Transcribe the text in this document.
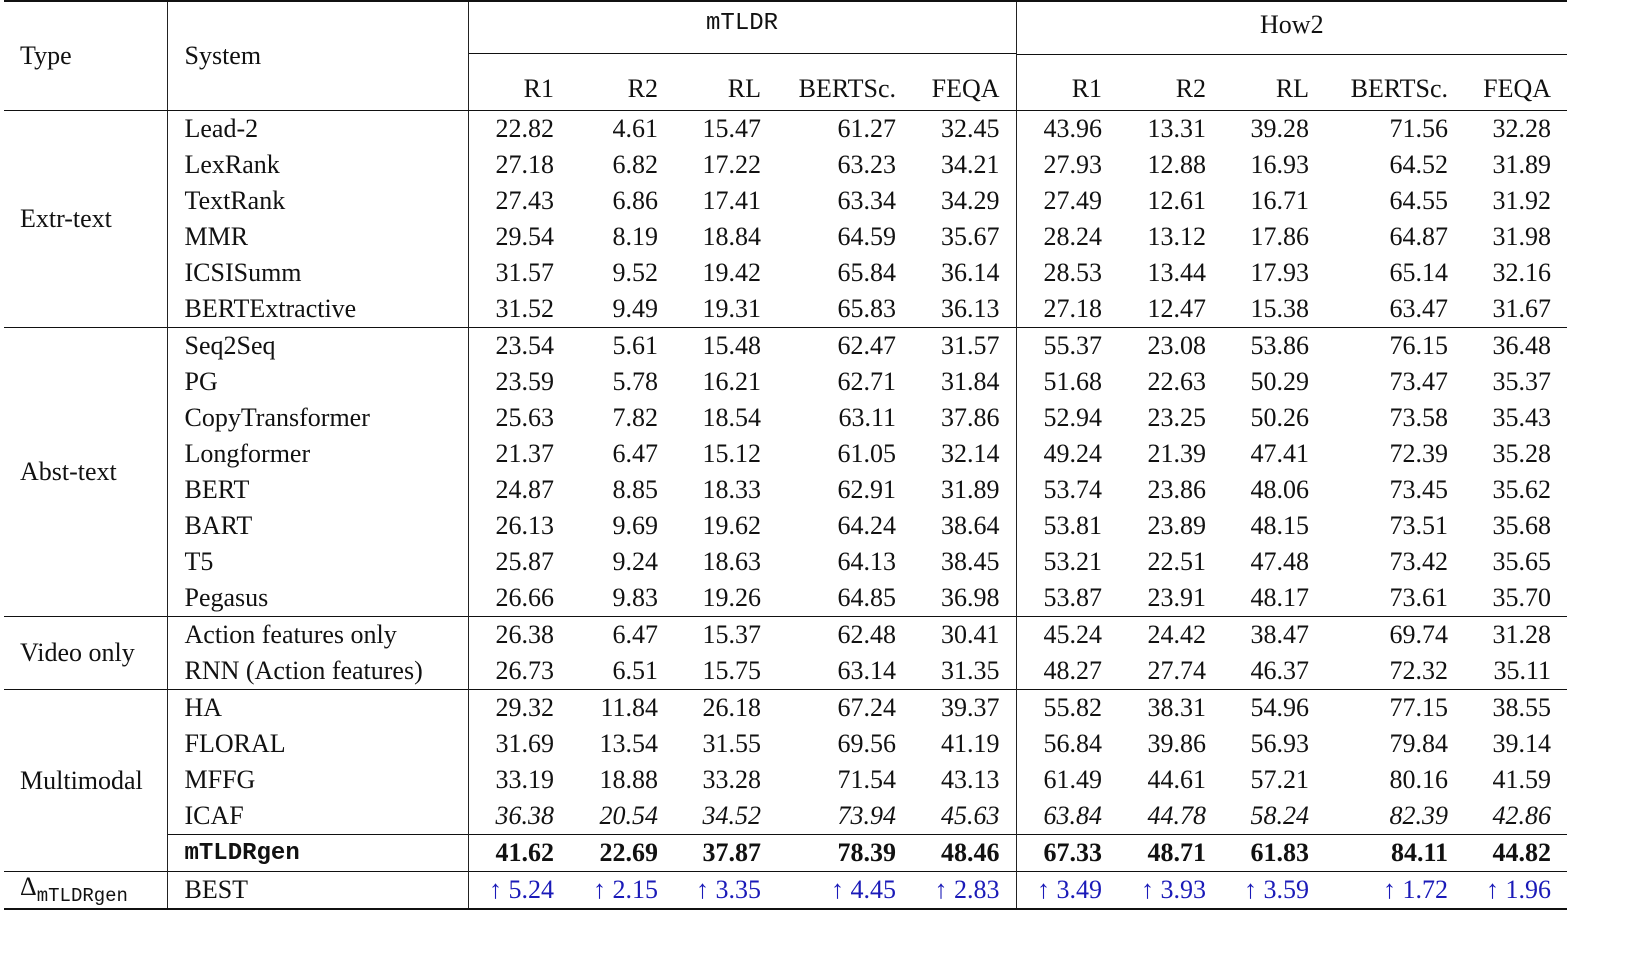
Type	System	mTLDR					How2				

		R1	R2	RL	BERTSc.	FEQA	R1	R2	RL	BERTSc.	FEQA
Extr-text	Lead-2	22.82	4.61	15.47	61.27	32.45	43.96	13.31	39.28	71.56	32.28
	LexRank	27.18	6.82	17.22	63.23	34.21	27.93	12.88	16.93	64.52	31.89
	TextRank	27.43	6.86	17.41	63.34	34.29	27.49	12.61	16.71	64.55	31.92
	MMR	29.54	8.19	18.84	64.59	35.67	28.24	13.12	17.86	64.87	31.98
	ICSISumm	31.57	9.52	19.42	65.84	36.14	28.53	13.44	17.93	65.14	32.16
	BERTExtractive	31.52	9.49	19.31	65.83	36.13	27.18	12.47	15.38	63.47	31.67
Abst-text	Seq2Seq	23.54	5.61	15.48	62.47	31.57	55.37	23.08	53.86	76.15	36.48
	PG	23.59	5.78	16.21	62.71	31.84	51.68	22.63	50.29	73.47	35.37
	CopyTransformer	25.63	7.82	18.54	63.11	37.86	52.94	23.25	50.26	73.58	35.43
	Longformer	21.37	6.47	15.12	61.05	32.14	49.24	21.39	47.41	72.39	35.28
	BERT	24.87	8.85	18.33	62.91	31.89	53.74	23.86	48.06	73.45	35.62
	BART	26.13	9.69	19.62	64.24	38.64	53.81	23.89	48.15	73.51	35.68
	T5	25.87	9.24	18.63	64.13	38.45	53.21	22.51	47.48	73.42	35.65
	Pegasus	26.66	9.83	19.26	64.85	36.98	53.87	23.91	48.17	73.61	35.70
Video only	Action features only	26.38	6.47	15.37	62.48	30.41	45.24	24.42	38.47	69.74	31.28
	RNN (Action features)	26.73	6.51	15.75	63.14	31.35	48.27	27.74	46.37	72.32	35.11
Multimodal	HA	29.32	11.84	26.18	67.24	39.37	55.82	38.31	54.96	77.15	38.55
	FLORAL	31.69	13.54	31.55	69.56	41.19	56.84	39.86	56.93	79.84	39.14
	MFFG	33.19	18.88	33.28	71.54	43.13	61.49	44.61	57.21	80.16	41.59
	ICAF	36.38	20.54	34.52	73.94	45.63	63.84	44.78	58.24	82.39	42.86
	mTLDRgen	41.62	22.69	37.87	78.39	48.46	67.33	48.71	61.83	84.11	44.82
$\Delta_{mTLDRgen}$	BEST	↑ 5.24	↑ 2.15	↑ 3.35	↑ 4.45	↑ 2.83	↑ 3.49	↑ 3.93	↑ 3.59	↑ 1.72	↑ 1.96
